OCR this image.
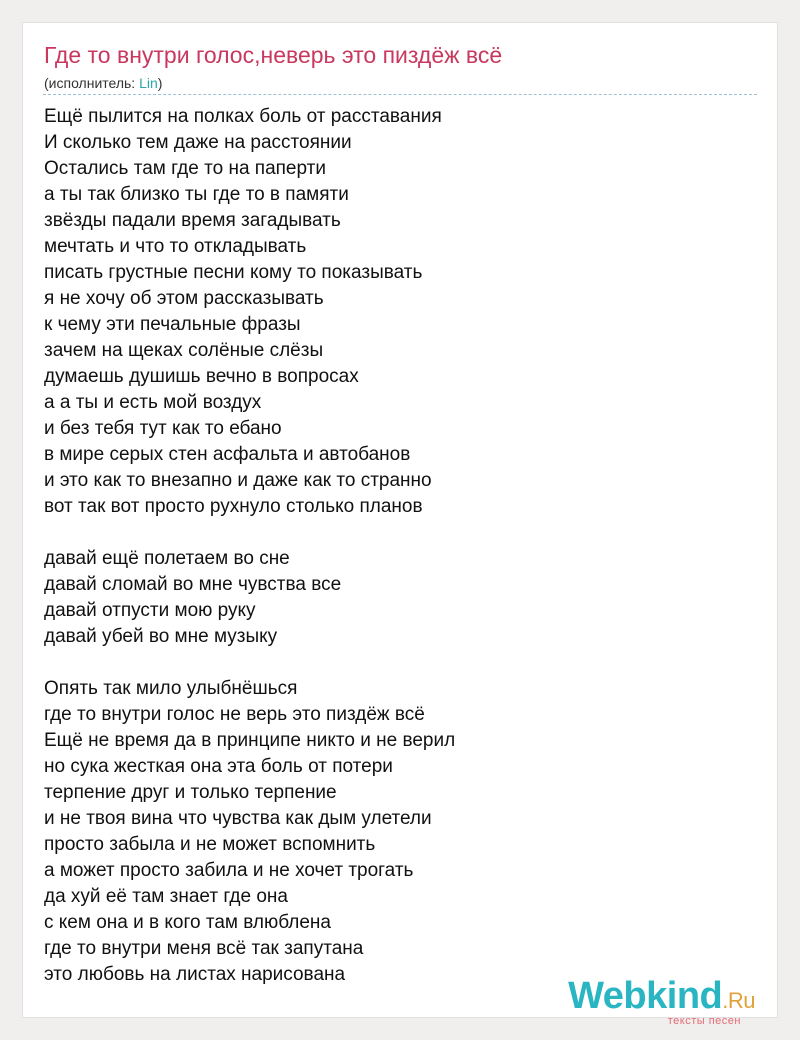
Где то внутри голос,неверь это пиздёж всё
(исполнитель: Lin)
Ещё пылится на полках боль от расставания
И сколько тем даже на расстоянии
Остались там где то на паперти
а ты так близко ты где то в памяти
звёзды падали время загадывать
мечтать и что то откладывать
писать грустные песни кому то показывать
я не хочу об этом рассказывать
к чему эти печальные фразы
зачем на щеках солёные слёзы
думаешь душишь вечно в вопросах
а а ты и есть мой воздух
и без тебя тут как то ебано
в мире серых стен асфальта и автобанов
и это как то внезапно и даже как то странно
вот так вот просто рухнуло столько планов
давай ещё полетаем во сне
давай сломай во мне чувства все
давай отпусти мою руку
давай убей во мне музыку
Опять так мило улыбнёшься
где то внутри голос не верь это пиздёж всё
Ещё не время да в принципе никто и не верил
но сука жесткая она эта боль от потери
терпение друг и только терпение
и не твоя вина что чувства как дым улетели
просто забыла и не может вспомнить
а может просто забила и не хочет трогать
да хуй её там знает где она
с кем она и в кого там влюблена
где то внутри меня всё так запутана
это любовь на листах нарисована
Webkind.Ru
тексты песен
